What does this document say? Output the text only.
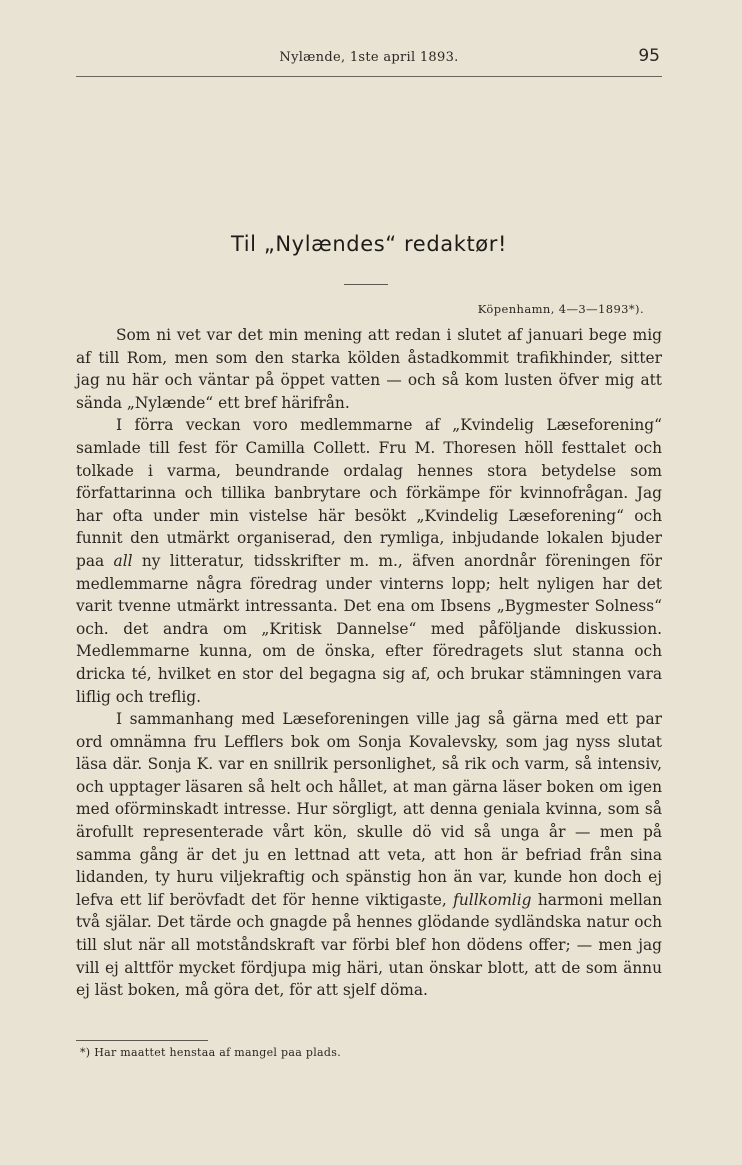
Nylænde, 1ste april 1893.	95
Til „Nylændes“ redaktør!
Köpenhamn, 4—3—1893*).

Som ni vet var det min mening att redan i slutet af januari bege mig af till Rom, men som den starka kölden åstadkommit trafikhinder, sitter jag nu här och väntar på öppet vatten — och så kom lusten öfver mig att sända „Nylænde“ ett bref härifrån.

I förra veckan voro medlemmarne af „Kvindelig Læseforening“ samlade till fest för Camilla Collett. Fru M. Thoresen höll festtalet och tolkade i varma, beundrande ordalag hennes stora betydelse som författarinna och tillika banbrytare och förkämpe för kvinnofrågan. Jag har ofta under min vistelse här besökt „Kvindelig Læseforening“ och funnit den utmärkt organiserad, den rymliga, inbjudande lokalen bjuder paa all ny litteratur, tidsskrifter m. m., äfven anordnår föreningen för medlemmarne några föredrag under vinterns lopp; helt nyligen har det varit tvenne utmärkt intressanta. Det ena om Ibsens „Bygmester Solness“ och. det andra om „Kritisk Dannelse“ med påföljande diskussion. Medlemmarne kunna, om de önska, efter föredragets slut stanna och dricka té, hvilket en stor del begagna sig af, och brukar stämningen vara liflig och treflig.

I sammanhang med Læseforeningen ville jag så gärna med ett par ord omnämna fru Lefflers bok om Sonja Kovalevsky, som jag nyss slutat läsa där. Sonja K. var en snillrik personlighet, så rik och varm, så intensiv, och upptager läsaren så helt och hållet, at man gärna läser boken om igen med oförminskadt intresse. Hur sörgligt, att denna geniala kvinna, som så ärofullt representerade vårt kön, skulle dö vid så unga år — men på samma gång är det ju en lettnad att veta, att hon är befriad från sina lidanden, ty huru viljekraftig och spänstig hon än var, kunde hon doch ej lefva ett lif berövfadt det för henne viktigaste, fullkomlig harmoni mellan två själar. Det tärde och gnagde på hennes glödande sydländska natur och till slut när all motståndskraft var förbi blef hon dödens offer; — men jag vill ej alttför mycket fördjupa mig häri, utan önskar blott, att de som ännu ej läst boken, må göra det, för att sjelf döma.

*) Har maattet henstaa af mangel paa plads.
